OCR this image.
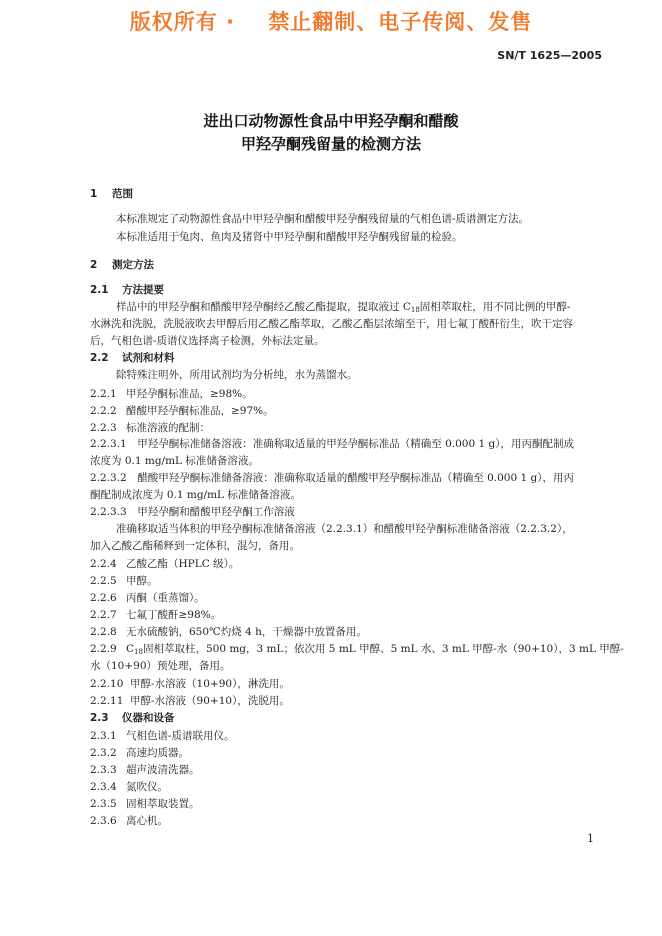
版权所有 ·    禁止翻制、电子传阅、发售
SN/T 1625—2005
进出口动物源性食品中甲羟孕酮和醋酸
甲羟孕酮残留量的检测方法
1 范围
本标准规定了动物源性食品中甲羟孕酮和醋酸甲羟孕酮残留量的气相色谱-质谱测定方法。
本标准适用于兔肉、鱼肉及猪肾中甲羟孕酮和醋酸甲羟孕酮残留量的检验。
2 测定方法
2.1 方法提要
样品中的甲羟孕酮和醋酸甲羟孕酮经乙酸乙酯提取，提取液过 $C_{18}$固相萃取柱，用不同比例的甲醇-
水淋洗和洗脱，洗脱液吹去甲醇后用乙酸乙酯萃取，乙酸乙酯层浓缩至干，用七氟丁酸酐衍生，吹干定容
后，气相色谱-质谱仪选择离子检测，外标法定量。
2.2 试剂和材料
除特殊注明外，所用试剂均为分析纯，水为蒸馏水。
2.2.1 甲羟孕酮标准品，≥98%。
2.2.2 醋酸甲羟孕酮标准品，≥97%。
2.2.3 标准溶液的配制：
2.2.3.1　甲羟孕酮标准储备溶液：准确称取适量的甲羟孕酮标准品（精确至 0.000 1 g），用丙酮配制成
浓度为 0.1 mg/mL 标准储备溶液。
2.2.3.2　醋酸甲羟孕酮标准储备溶液：准确称取适量的醋酸甲羟孕酮标准品（精确至 0.000 1 g），用丙
酮配制成浓度为 0.1 mg/mL 标准储备溶液。
2.2.3.3　甲羟孕酮和醋酸甲羟孕酮工作溶液
准确移取适当体积的甲羟孕酮标准储备溶液（2.2.3.1）和醋酸甲羟孕酮标准储备溶液（2.2.3.2），
加入乙酸乙酯稀释到一定体积，混匀，备用。
2.2.4 乙酸乙酯（HPLC 级）。
2.2.5 甲醇。
2.2.6 丙酮（重蒸馏）。
2.2.7 七氟丁酸酐≥98%。
2.2.8 无水硫酸钠，650℃灼烧 4 h，干燥器中放置备用。
2.2.9 $C_{18}$固相萃取柱，500 mg，3 mL；依次用 5 mL 甲醇、5 mL 水、3 mL 甲醇-水（90+10），3 mL 甲醇-
水（10+90）预处理，备用。
2.2.10 甲醇-水溶液（10+90），淋洗用。
2.2.11 甲醇-水溶液（90+10），洗脱用。
2.3 仪器和设备
2.3.1 气相色谱-质谱联用仪。
2.3.2 高速均质器。
2.3.3 超声波清洗器。
2.3.4 氮吹仪。
2.3.5 固相萃取装置。
2.3.6 离心机。
1
